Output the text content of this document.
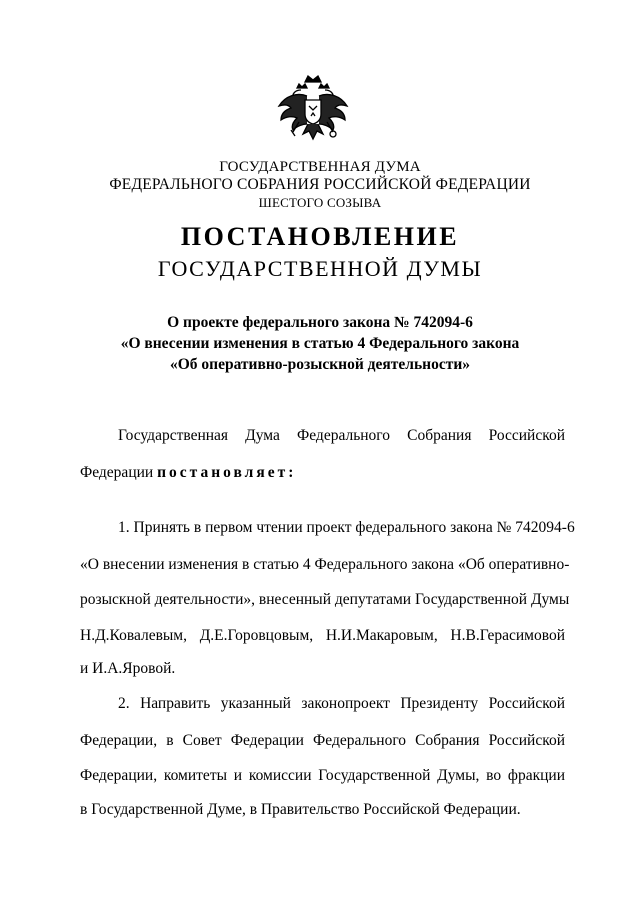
ГОСУДАРСТВЕННАЯ ДУМА
ФЕДЕРАЛЬНОГО СОБРАНИЯ РОССИЙСКОЙ ФЕДЕРАЦИИ
ШЕСТОГО СОЗЫВА
ПОСТАНОВЛЕНИЕ
ГОСУДАРСТВЕННОЙ ДУМЫ
О проекте федерального закона № 742094-6
«О внесении изменения в статью 4 Федерального закона
«Об оперативно-розыскной деятельности»
Государственная Дума Федерального Собрания Российской
Федерации постановляет:
1. Принять в первом чтении проект федерального закона № 742094-6
«О внесении изменения в статью 4 Федерального закона «Об оперативно-
розыскной деятельности», внесенный депутатами Государственной Думы
Н.Д.Ковалевым, Д.Е.Горовцовым, Н.И.Макаровым, Н.В.Герасимовой
и И.А.Яровой.
2. Направить указанный законопроект Президенту Российской
Федерации, в Совет Федерации Федерального Собрания Российской
Федерации, комитеты и комиссии Государственной Думы, во фракции
в Государственной Думе, в Правительство Российской Федерации.
